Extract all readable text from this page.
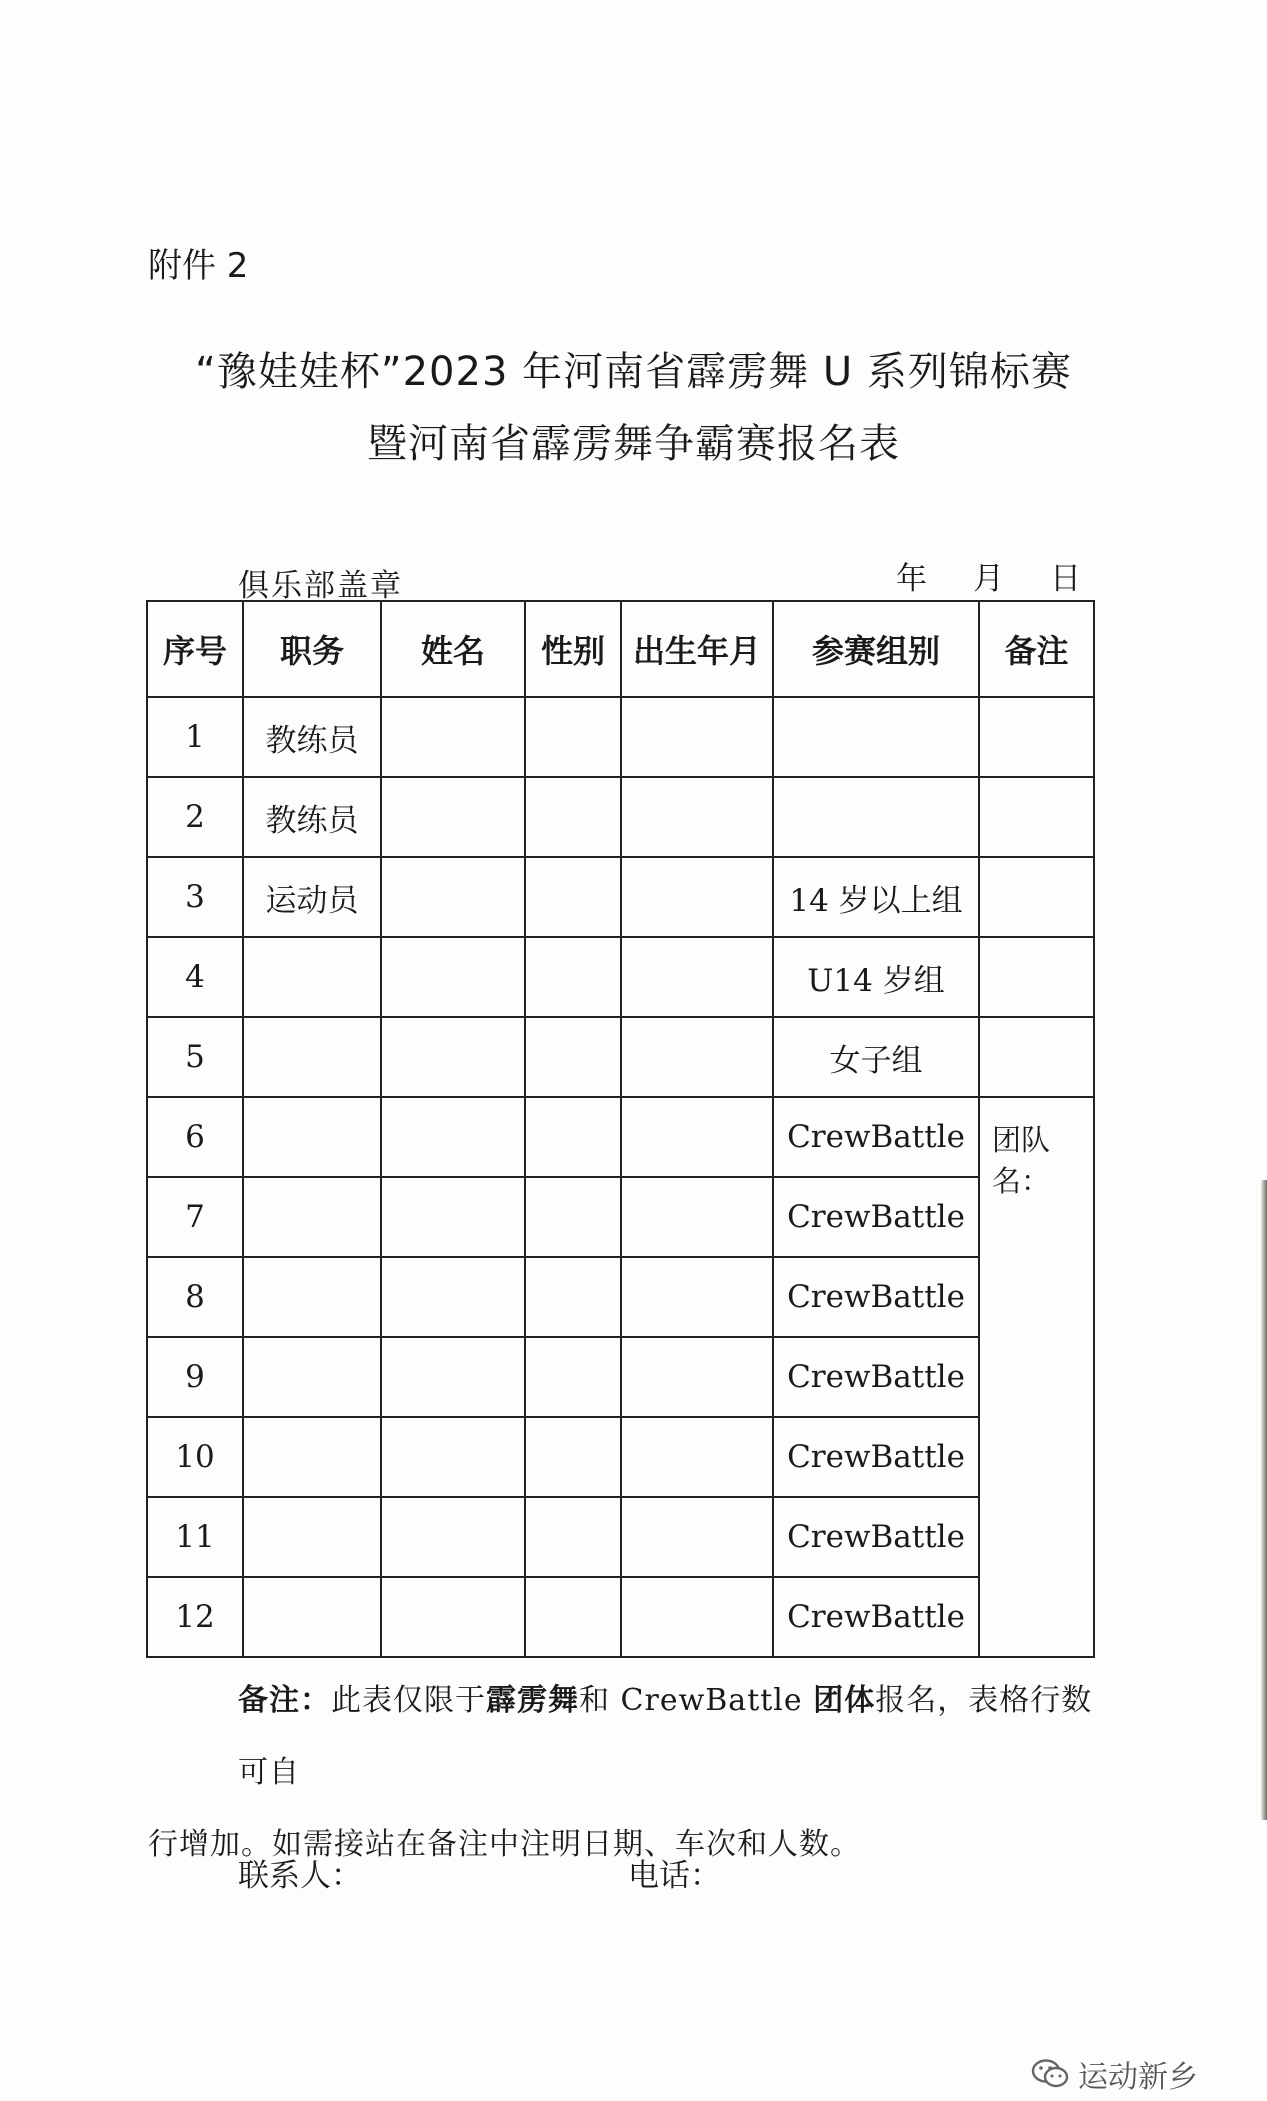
附件 2
“豫娃娃杯”2023 年河南省霹雳舞 U 系列锦标赛
暨河南省霹雳舞争霸赛报名表
俱乐部盖章	年 月 日
序号	职务	姓名	性别	出生年月	参赛组别	备注
1	教练员					
2	教练员					
3	运动员				14 岁以上组	
4					U14 岁组	
5					女子组	
6					CrewBattle	团队名：
7					CrewBattle	
8					CrewBattle	
9					CrewBattle	
10					CrewBattle	
11					CrewBattle	
12					CrewBattle	
备注：此表仅限于霹雳舞和 CrewBattle 团体报名，表格行数可自
行增加。如需接站在备注中注明日期、车次和人数。
联系人：	电话：
运动新乡
